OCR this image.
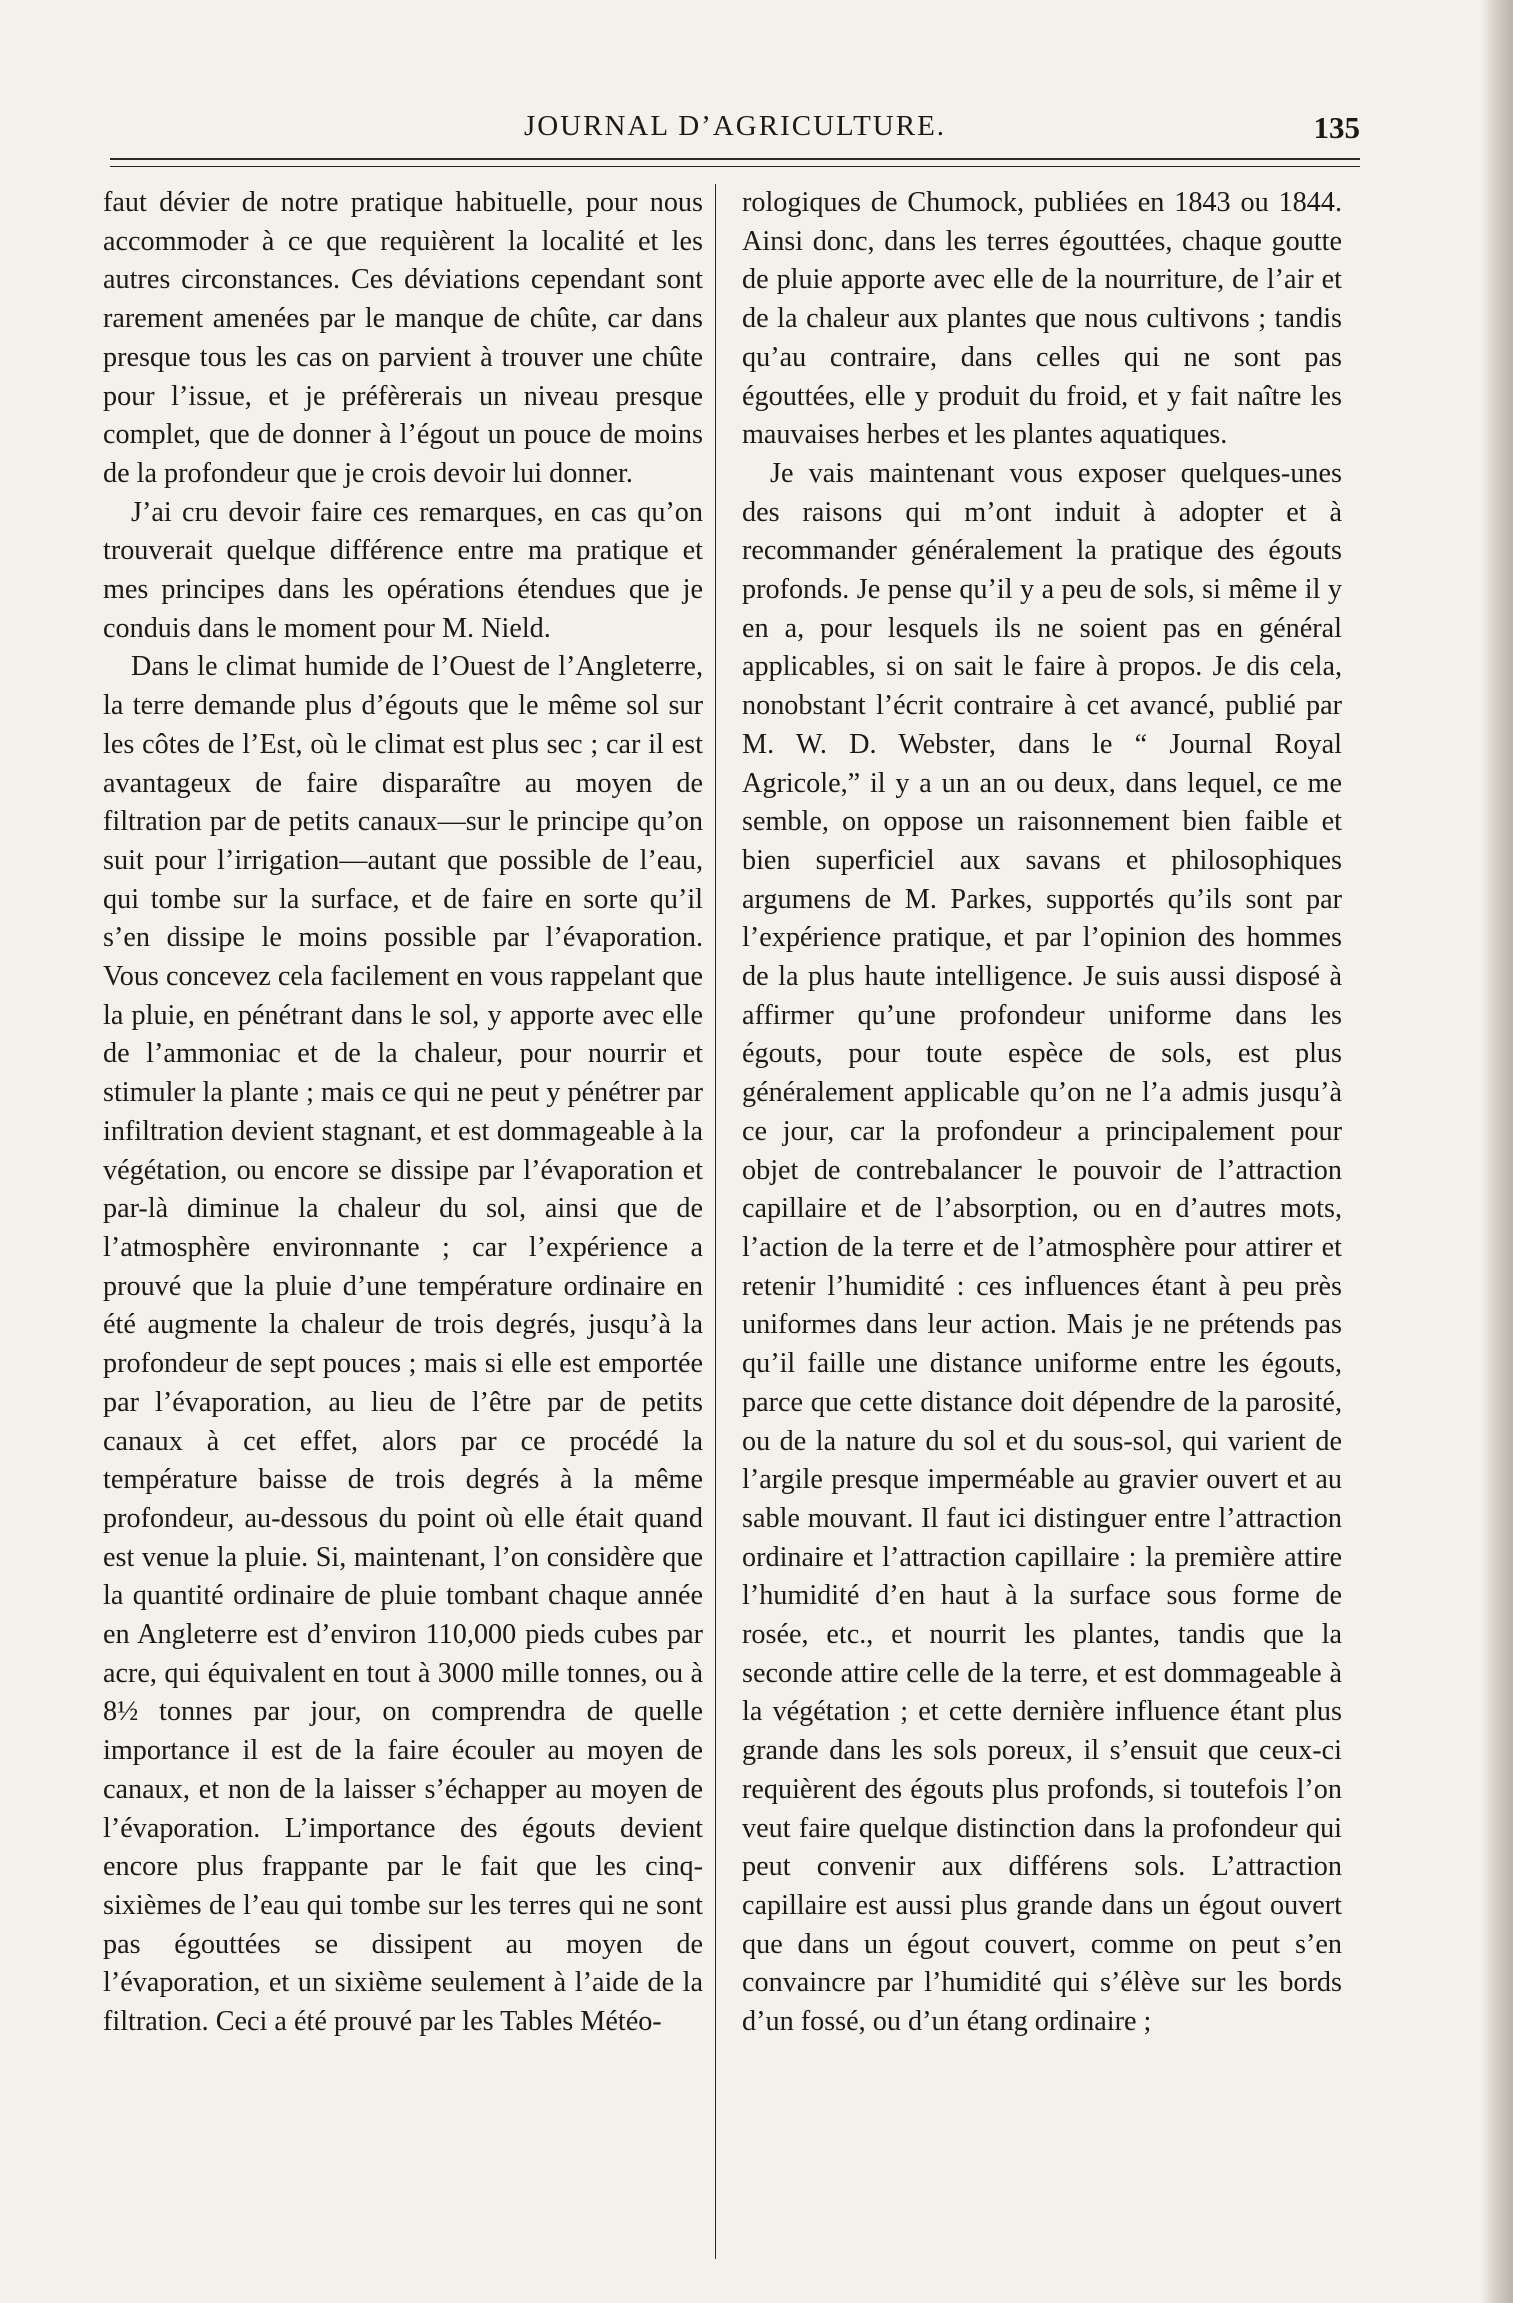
JOURNAL D’AGRICULTURE.	135

faut dévier de notre pratique habituelle, pour nous accommoder à ce que requièrent la localité et les autres circonstances. Ces déviations cependant sont rarement amenées par le manque de chûte, car dans presque tous les cas on parvient à trouver une chûte pour l’issue, et je préfèrerais un niveau presque complet, que de donner à l’égout un pouce de moins de la profondeur que je crois devoir lui donner.

J’ai cru devoir faire ces remarques, en cas qu’on trouverait quelque différence entre ma pratique et mes principes dans les opérations étendues que je conduis dans le moment pour M. Nield.

Dans le climat humide de l’Ouest de l’Angleterre, la terre demande plus d’égouts que le même sol sur les côtes de l’Est, où le climat est plus sec ; car il est avantageux de faire disparaître au moyen de filtration par de petits canaux—sur le principe qu’on suit pour l’irrigation—autant que possible de l’eau, qui tombe sur la surface, et de faire en sorte qu’il s’en dissipe le moins possible par l’évaporation. Vous concevez cela facilement en vous rappelant que la pluie, en pénétrant dans le sol, y apporte avec elle de l’ammoniac et de la chaleur, pour nourrir et stimuler la plante ; mais ce qui ne peut y pénétrer par infiltration devient stagnant, et est dommageable à la végétation, ou encore se dissipe par l’évaporation et par-là diminue la chaleur du sol, ainsi que de l’atmosphère environnante ; car l’expérience a prouvé que la pluie d’une température ordinaire en été augmente la chaleur de trois degrés, jusqu’à la profondeur de sept pouces ; mais si elle est emportée par l’évaporation, au lieu de l’être par de petits canaux à cet effet, alors par ce procédé la température baisse de trois degrés à la même profondeur, au-dessous du point où elle était quand est venue la pluie. Si, maintenant, l’on considère que la quantité ordinaire de pluie tombant chaque année en Angleterre est d’environ 110,000 pieds cubes par acre, qui équivalent en tout à 3000 mille tonnes, ou à 8½ tonnes par jour, on comprendra de quelle importance il est de la faire écouler au moyen de canaux, et non de la laisser s’échapper au moyen de l’évaporation. L’importance des égouts devient encore plus frappante par le fait que les cinq-sixièmes de l’eau qui tombe sur les terres qui ne sont pas égouttées se dissipent au moyen de l’évaporation, et un sixième seulement à l’aide de la filtration. Ceci a été prouvé par les Tables Météo-

rologiques de Chumock, publiées en 1843 ou 1844. Ainsi donc, dans les terres égouttées, chaque goutte de pluie apporte avec elle de la nourriture, de l’air et de la chaleur aux plantes que nous cultivons ; tandis qu’au contraire, dans celles qui ne sont pas égouttées, elle y produit du froid, et y fait naître les mauvaises herbes et les plantes aquatiques.

Je vais maintenant vous exposer quelques-unes des raisons qui m’ont induit à adopter et à recommander généralement la pratique des égouts profonds. Je pense qu’il y a peu de sols, si même il y en a, pour lesquels ils ne soient pas en général applicables, si on sait le faire à propos. Je dis cela, nonobstant l’écrit contraire à cet avancé, publié par M. W. D. Webster, dans le “ Journal Royal Agricole,” il y a un an ou deux, dans lequel, ce me semble, on oppose un raisonnement bien faible et bien superficiel aux savans et philosophiques argumens de M. Parkes, supportés qu’ils sont par l’expérience pratique, et par l’opinion des hommes de la plus haute intelligence. Je suis aussi disposé à affirmer qu’une profondeur uniforme dans les égouts, pour toute espèce de sols, est plus généralement applicable qu’on ne l’a admis jusqu’à ce jour, car la profondeur a principalement pour objet de contrebalancer le pouvoir de l’attraction capillaire et de l’absorption, ou en d’autres mots, l’action de la terre et de l’atmosphère pour attirer et retenir l’humidité : ces influences étant à peu près uniformes dans leur action. Mais je ne prétends pas qu’il faille une distance uniforme entre les égouts, parce que cette distance doit dépendre de la parosité, ou de la nature du sol et du sous-sol, qui varient de l’argile presque imperméable au gravier ouvert et au sable mouvant. Il faut ici distinguer entre l’attraction ordinaire et l’attraction capillaire : la première attire l’humidité d’en haut à la surface sous forme de rosée, etc., et nourrit les plantes, tandis que la seconde attire celle de la terre, et est dommageable à la végétation ; et cette dernière influence étant plus grande dans les sols poreux, il s’ensuit que ceux-ci requièrent des égouts plus profonds, si toutefois l’on veut faire quelque distinction dans la profondeur qui peut convenir aux différens sols. L’attraction capillaire est aussi plus grande dans un égout ouvert que dans un égout couvert, comme on peut s’en convaincre par l’humidité qui s’élève sur les bords d’un fossé, ou d’un étang ordinaire ;
